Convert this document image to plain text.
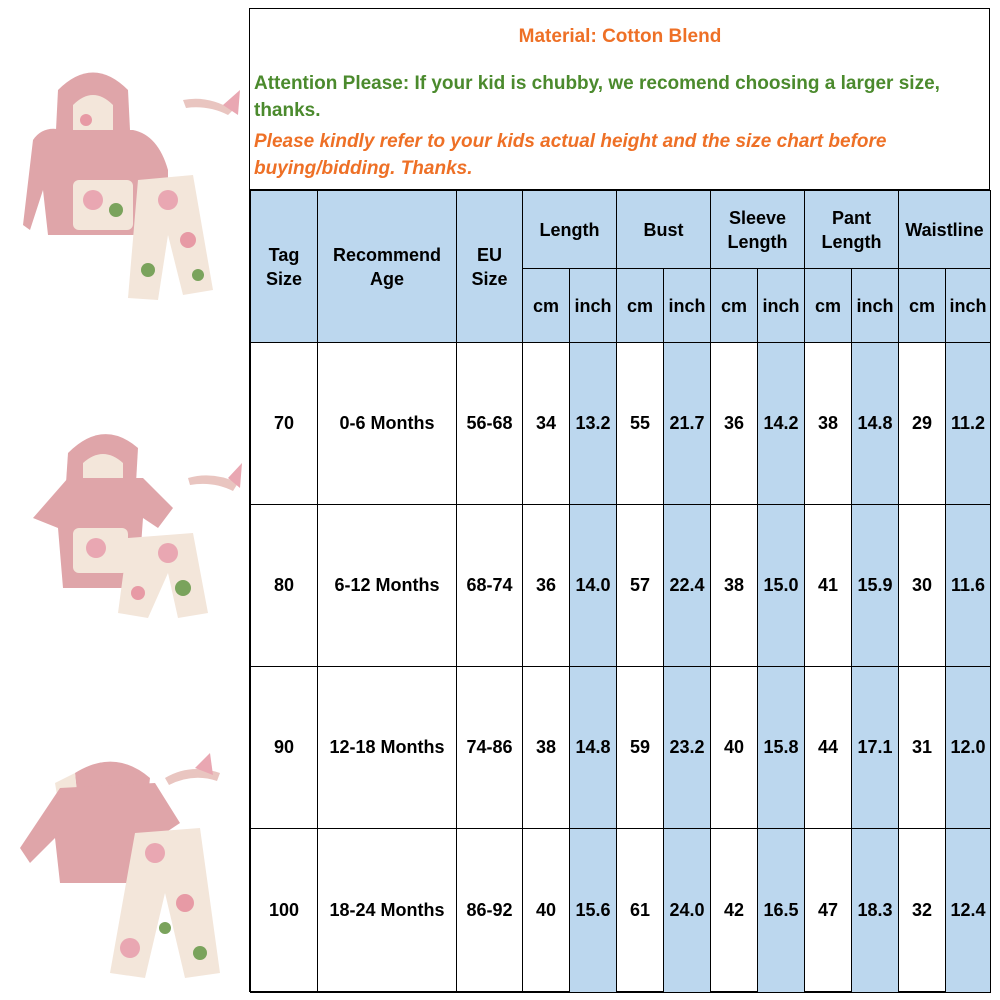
Material: Cotton Blend
Attention Please: If your kid is chubby, we recomend choosing a larger size, thanks.
Please kindly refer to your kids actual height and the size chart before buying/bidding. Thanks.
Tag Size	Recommend Age	EU Size	Length		Bust		Sleeve Length		Pant Length		Waistline	
			cm	inch	cm	inch	cm	inch	cm	inch	cm	inch
70	0-6 Months	56-68	34	13.2	55	21.7	36	14.2	38	14.8	29	11.2
80	6-12 Months	68-74	36	14.0	57	22.4	38	15.0	41	15.9	30	11.6
90	12-18 Months	74-86	38	14.8	59	23.2	40	15.8	44	17.1	31	12.0
100	18-24 Months	86-92	40	15.6	61	24.0	42	16.5	47	18.3	32	12.4
